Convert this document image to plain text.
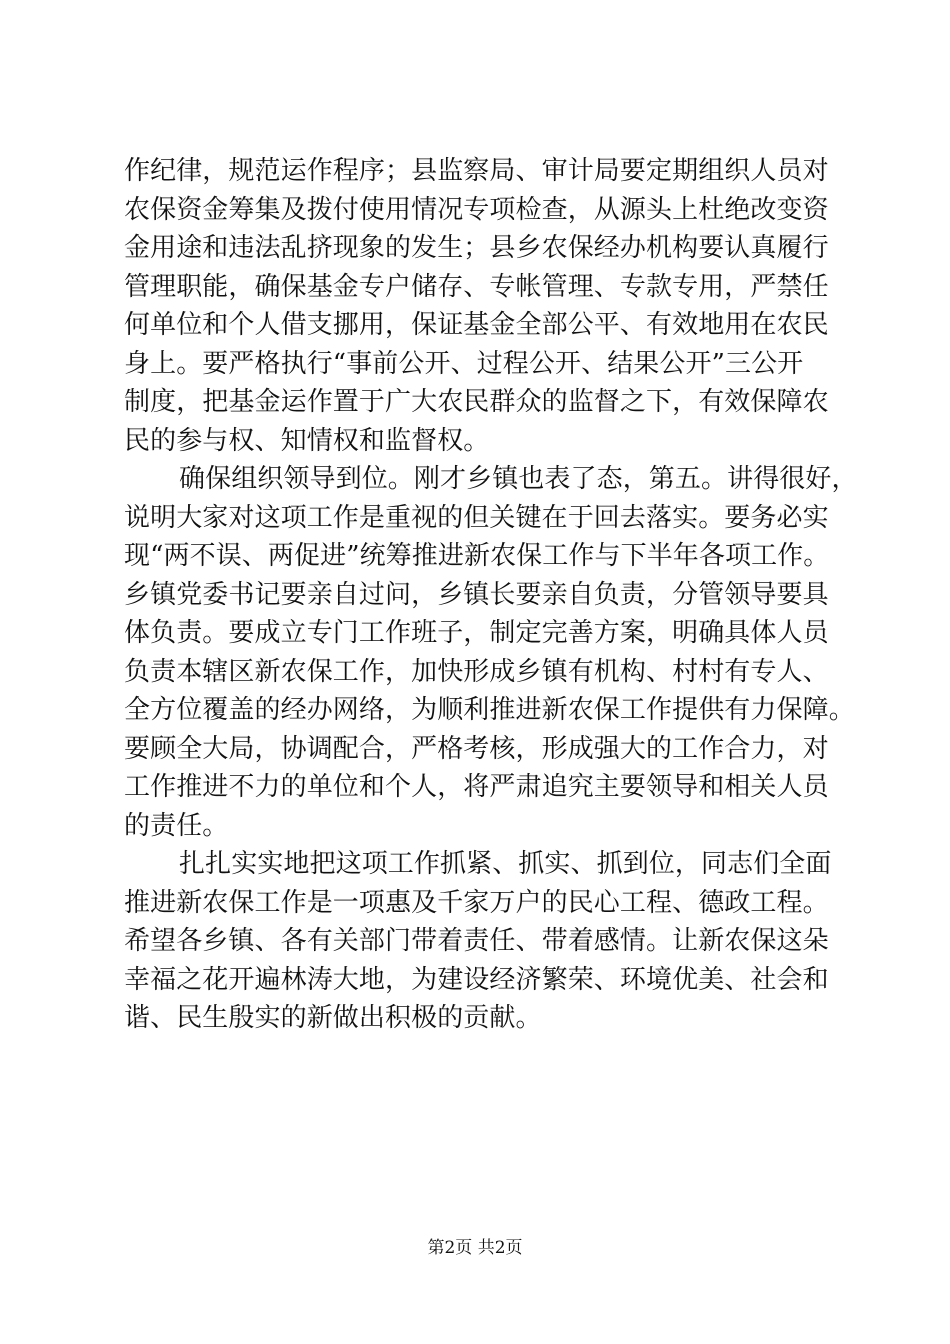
作纪律，规范运作程序；县监察局、审计局要定期组织人员对
农保资金筹集及拨付使用情况专项检查，从源头上杜绝改变资
金用途和违法乱挤现象的发生；县乡农保经办机构要认真履行
管理职能，确保基金专户储存、专帐管理、专款专用，严禁任
何单位和个人借支挪用，保证基金全部公平、有效地用在农民
身上。要严格执行“事前公开、过程公开、结果公开”三公开
制度，把基金运作置于广大农民群众的监督之下，有效保障农
民的参与权、知情权和监督权。
确保组织领导到位。刚才乡镇也表了态，第五。讲得很好，
说明大家对这项工作是重视的但关键在于回去落实。要务必实
现“两不误、两促进”统筹推进新农保工作与下半年各项工作。
乡镇党委书记要亲自过问，乡镇长要亲自负责，分管领导要具
体负责。要成立专门工作班子，制定完善方案，明确具体人员
负责本辖区新农保工作，加快形成乡镇有机构、村村有专人、
全方位覆盖的经办网络，为顺利推进新农保工作提供有力保障。
要顾全大局，协调配合，严格考核，形成强大的工作合力，对
工作推进不力的单位和个人，将严肃追究主要领导和相关人员
的责任。
扎扎实实地把这项工作抓紧、抓实、抓到位，同志们全面
推进新农保工作是一项惠及千家万户的民心工程、德政工程。
希望各乡镇、各有关部门带着责任、带着感情。让新农保这朵
幸福之花开遍林涛大地，为建设经济繁荣、环境优美、社会和
谐、民生殷实的新做出积极的贡献。
第2页 共2页
